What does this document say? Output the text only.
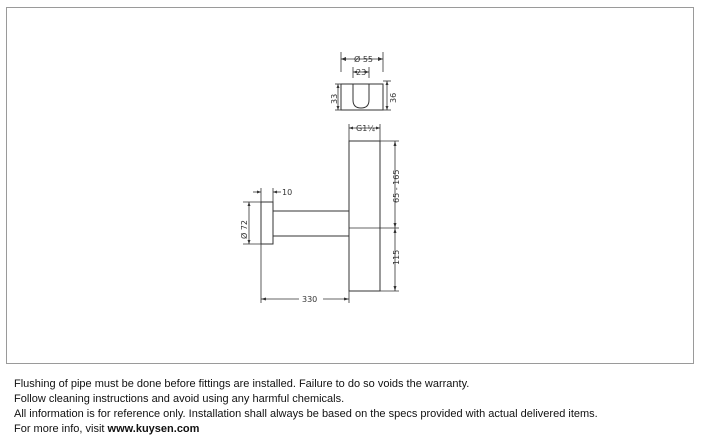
Ø 55
23
33	36
G1¼
65 - 165
115
10
Ø 72
330
Flushing of pipe must be done before fittings are installed. Failure to do so voids the warranty.
Follow cleaning instructions and avoid using any harmful chemicals.
All information is for reference only. Installation shall always be based on the specs provided with actual delivered items.
For more info, visit www.kuysen.com
